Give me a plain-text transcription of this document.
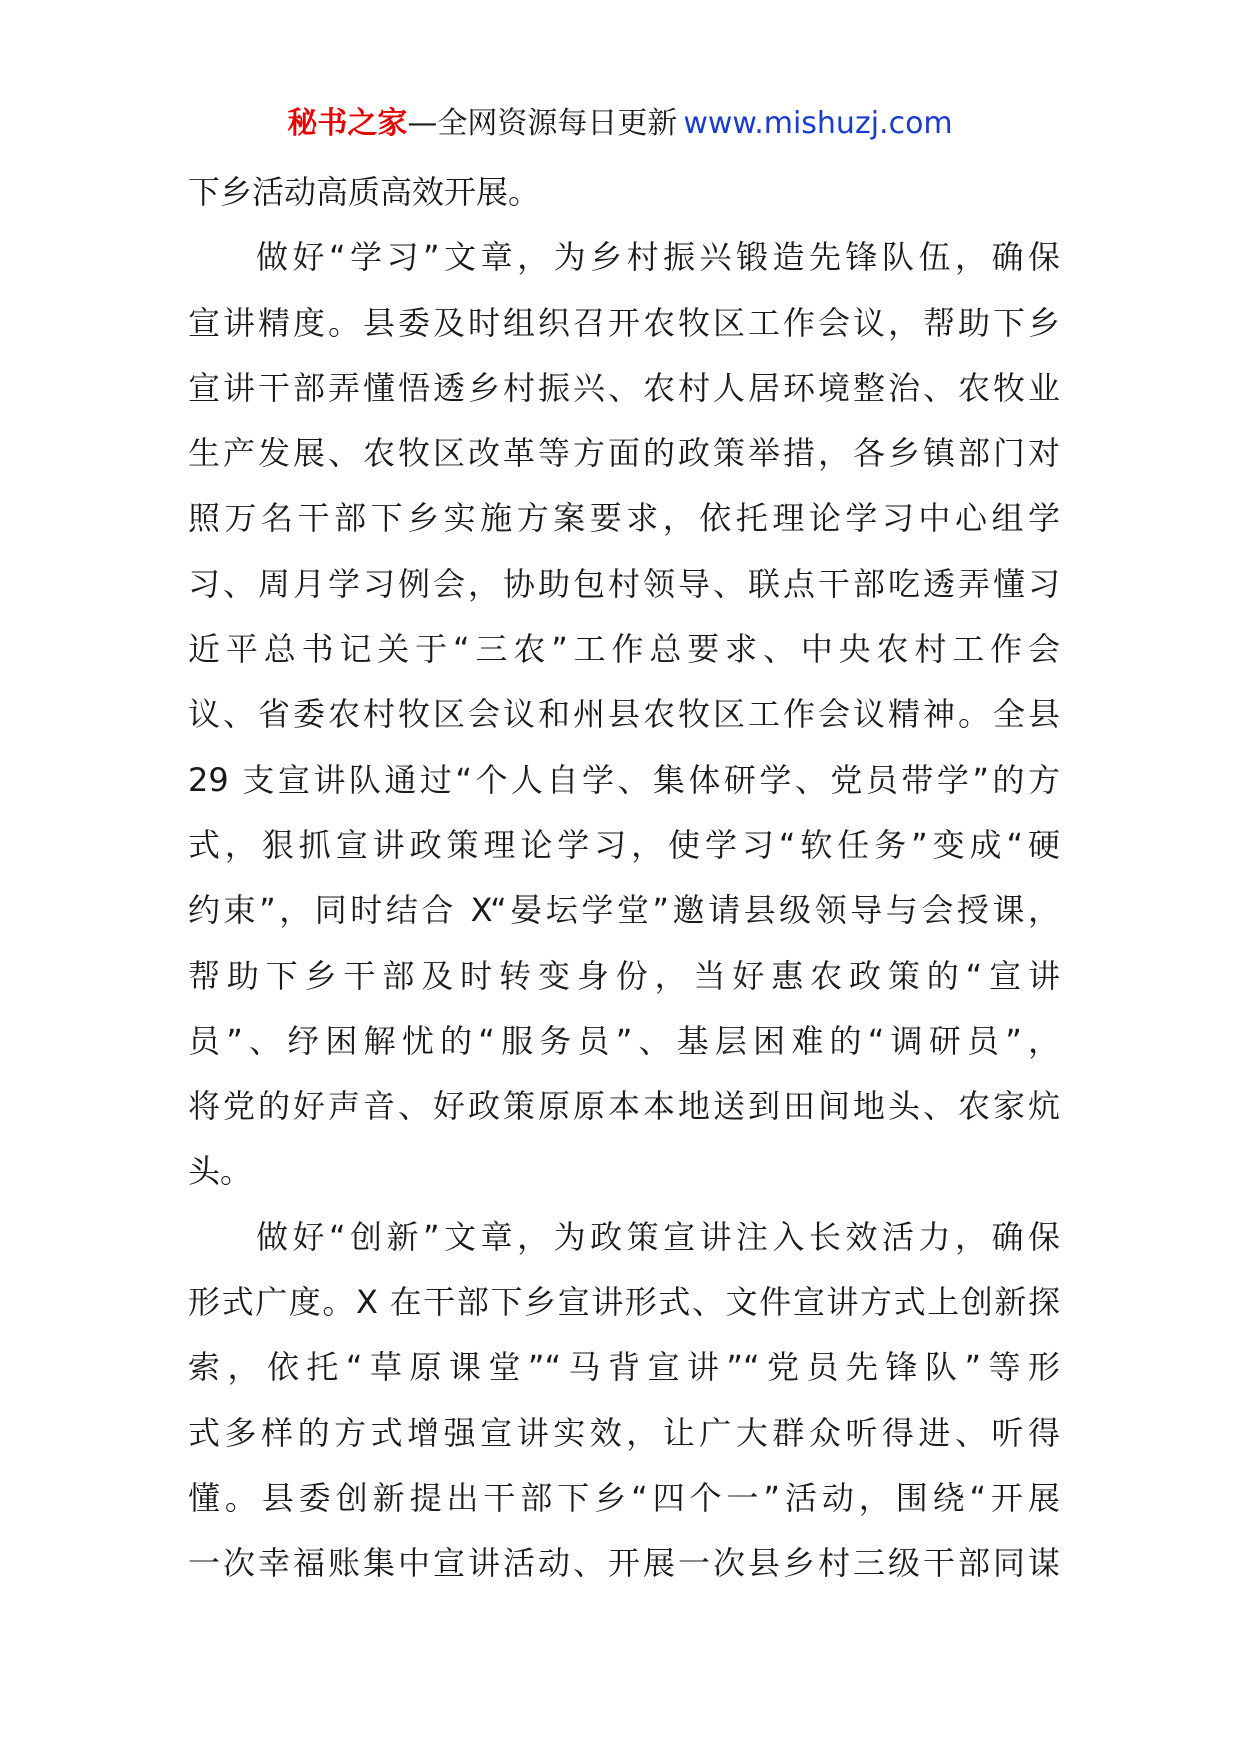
秘书之家—全网资源每日更新 www.mishuzj.com
下乡活动高质高效开展。
做好“学习”文章，为乡村振兴锻造先锋队伍，确保
宣讲精度。县委及时组织召开农牧区工作会议，帮助下乡
宣讲干部弄懂悟透乡村振兴、农村人居环境整治、农牧业
生产发展、农牧区改革等方面的政策举措，各乡镇部门对
照万名干部下乡实施方案要求，依托理论学习中心组学
习、周月学习例会，协助包村领导、联点干部吃透弄懂习
近平总书记关于“三农”工作总要求、中央农村工作会
议、省委农村牧区会议和州县农牧区工作会议精神。全县
29 支宣讲队通过“个人自学、集体研学、党员带学”的方
式，狠抓宣讲政策理论学习，使学习“软任务”变成“硬
约束”，同时结合 X“晏坛学堂”邀请县级领导与会授课，
帮助下乡干部及时转变身份，当好惠农政策的“宣讲
员”、纾困解忧的“服务员”、基层困难的“调研员”，
将党的好声音、好政策原原本本地送到田间地头、农家炕
头。
做好“创新”文章，为政策宣讲注入长效活力，确保
形式广度。X 在干部下乡宣讲形式、文件宣讲方式上创新探
索，依托“草原课堂”“马背宣讲”“党员先锋队”等形
式多样的方式增强宣讲实效，让广大群众听得进、听得
懂。县委创新提出干部下乡“四个一”活动，围绕“开展
一次幸福账集中宣讲活动、开展一次县乡村三级干部同谋
